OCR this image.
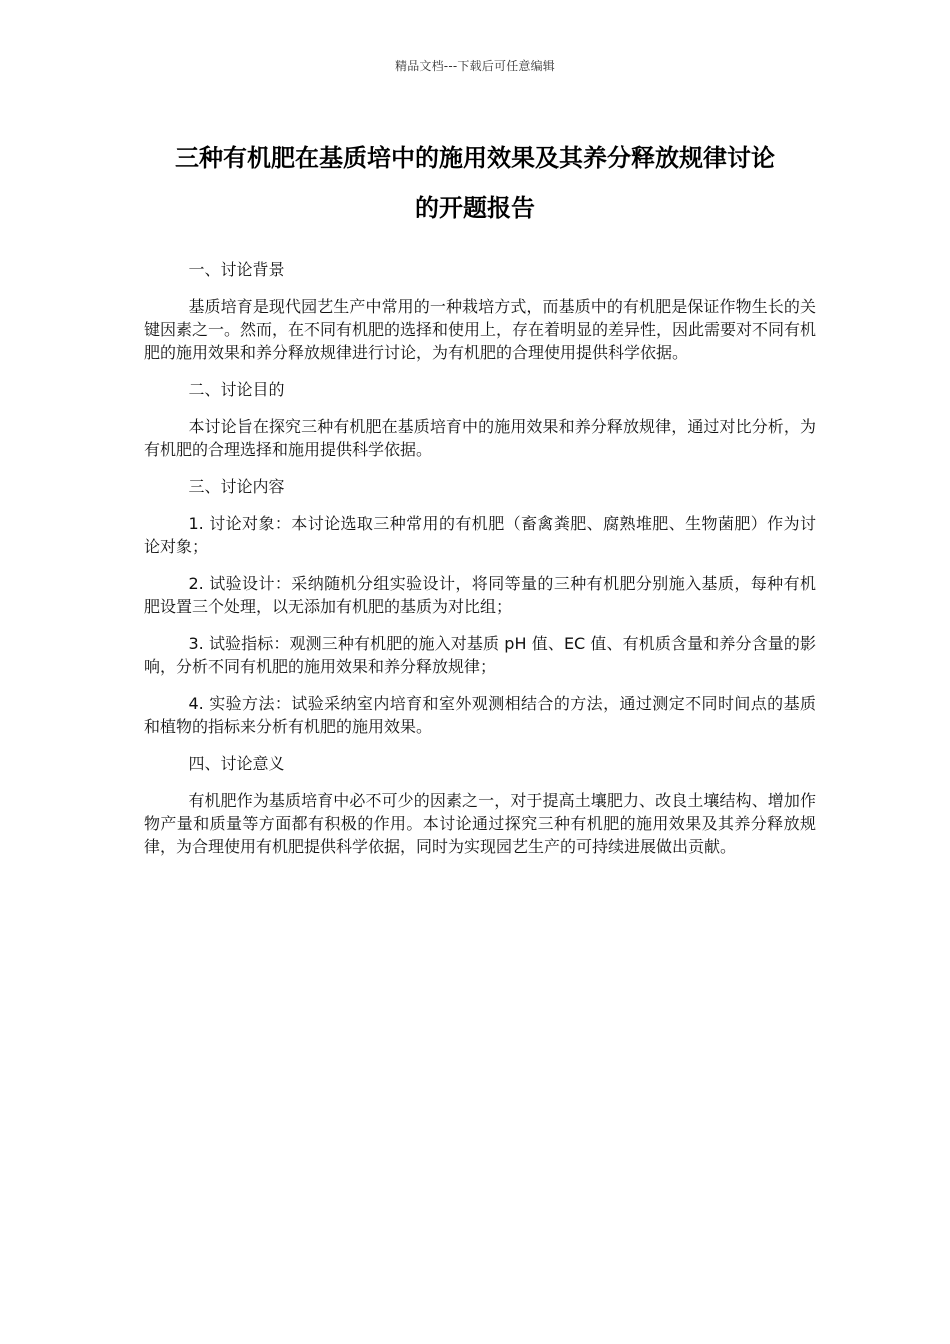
精品文档---下载后可任意编辑
三种有机肥在基质培中的施用效果及其养分释放规律讨论
的开题报告

一、讨论背景

基质培育是现代园艺生产中常用的一种栽培方式，而基质中的有机肥是保证作物生长的关键因素之一。然而，在不同有机肥的选择和使用上，存在着明显的差异性，因此需要对不同有机肥的施用效果和养分释放规律进行讨论，为有机肥的合理使用提供科学依据。

二、讨论目的

本讨论旨在探究三种有机肥在基质培育中的施用效果和养分释放规律，通过对比分析，为有机肥的合理选择和施用提供科学依据。

三、讨论内容

1. 讨论对象：本讨论选取三种常用的有机肥（畜禽粪肥、腐熟堆肥、生物菌肥）作为讨论对象；

2. 试验设计：采纳随机分组实验设计，将同等量的三种有机肥分别施入基质，每种有机肥设置三个处理，以无添加有机肥的基质为对比组；

3. 试验指标：观测三种有机肥的施入对基质 pH 值、EC 值、有机质含量和养分含量的影响，分析不同有机肥的施用效果和养分释放规律；

4. 实验方法：试验采纳室内培育和室外观测相结合的方法，通过测定不同时间点的基质和植物的指标来分析有机肥的施用效果。

四、讨论意义

有机肥作为基质培育中必不可少的因素之一，对于提高土壤肥力、改良土壤结构、增加作物产量和质量等方面都有积极的作用。本讨论通过探究三种有机肥的施用效果及其养分释放规律，为合理使用有机肥提供科学依据，同时为实现园艺生产的可持续进展做出贡献。
